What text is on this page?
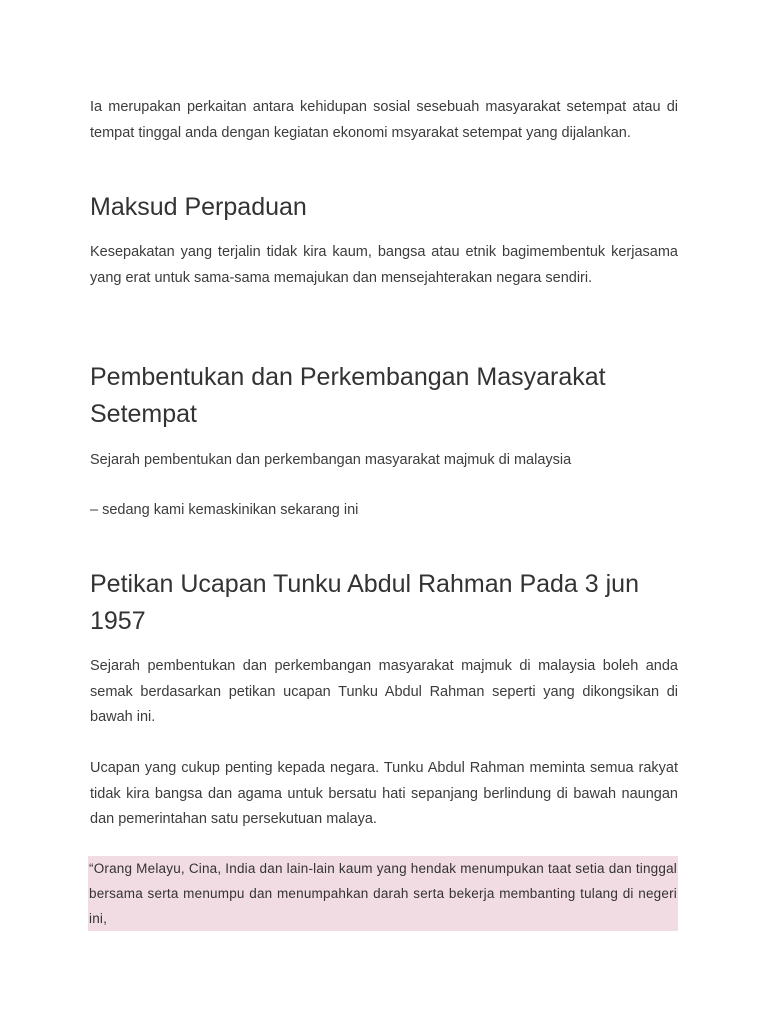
Ia merupakan perkaitan antara kehidupan sosial sesebuah masyarakat setempat atau di tempat tinggal anda dengan kegiatan ekonomi msyarakat setempat yang dijalankan.

Maksud Perpaduan

Kesepakatan yang terjalin tidak kira kaum, bangsa atau etnik bagimembentuk kerjasama yang erat untuk sama-sama memajukan dan mensejahterakan negara sendiri.

Pembentukan dan Perkembangan Masyarakat Setempat

Sejarah pembentukan dan perkembangan masyarakat majmuk di malaysia

– sedang kami kemaskinikan sekarang ini

Petikan Ucapan Tunku Abdul Rahman Pada 3 jun 1957

Sejarah pembentukan dan perkembangan masyarakat majmuk di malaysia boleh anda semak berdasarkan petikan ucapan Tunku Abdul Rahman seperti yang dikongsikan di bawah ini.

Ucapan yang cukup penting kepada negara. Tunku Abdul Rahman meminta semua rakyat tidak kira bangsa dan agama untuk bersatu hati sepanjang berlindung di bawah naungan dan pemerintahan satu persekutuan malaya.

“Orang Melayu, Cina, India dan lain-lain kaum yang hendak menumpukan taat setia dan tinggal bersama serta menumpu dan menumpahkan darah serta bekerja membanting tulang di negeri ini,
